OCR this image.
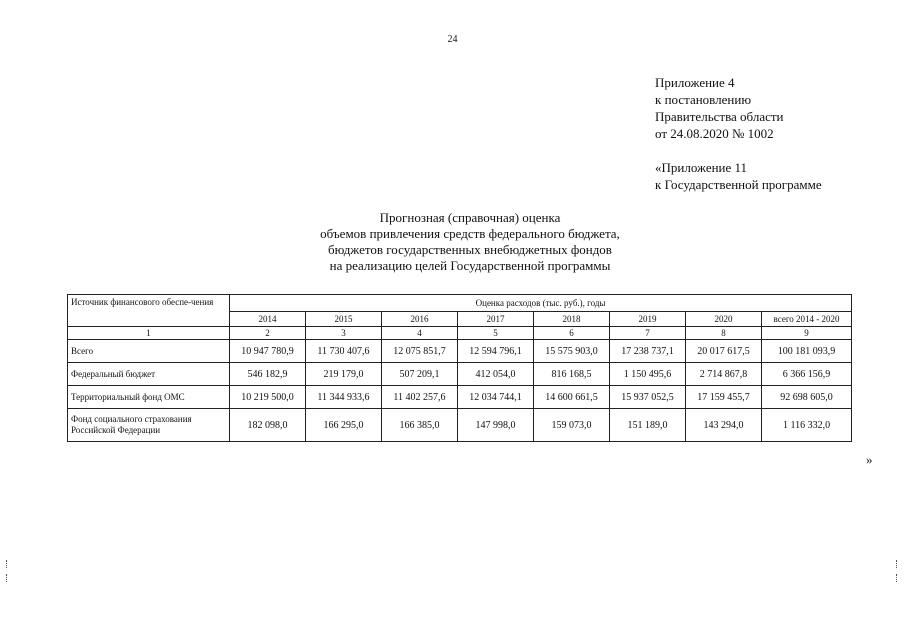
24
Приложение 4
к постановлению
Правительства области
от 24.08.2020 № 1002
«Приложение 11
к Государственной программе
Прогнозная (справочная) оценка
объемов привлечения средств федерального бюджета,
бюджетов государственных внебюджетных фондов
на реализацию целей Государственной программы
Источник финансового обеспе-чения	Оценка расходов (тыс. руб.), годы							
	2014	2015	2016	2017	2018	2019	2020	всего 2014 - 2020
1	2	3	4	5	6	7	8	9
Всего	10 947 780,9	11 730 407,6	12 075 851,7	12 594 796,1	15 575 903,0	17 238 737,1	20 017 617,5	100 181 093,9
Федеральный бюджет	546 182,9	219 179,0	507 209,1	412 054,0	816 168,5	1 150 495,6	2 714 867,8	6 366 156,9
Территориальный фонд ОМС	10 219 500,0	11 344 933,6	11 402 257,6	12 034 744,1	14 600 661,5	15 937 052,5	17 159 455,7	92 698 605,0
Фонд социального страхования Российской Федерации	182 098,0	166 295,0	166 385,0	147 998,0	159 073,0	151 189,0	143 294,0	1 116 332,0
»
